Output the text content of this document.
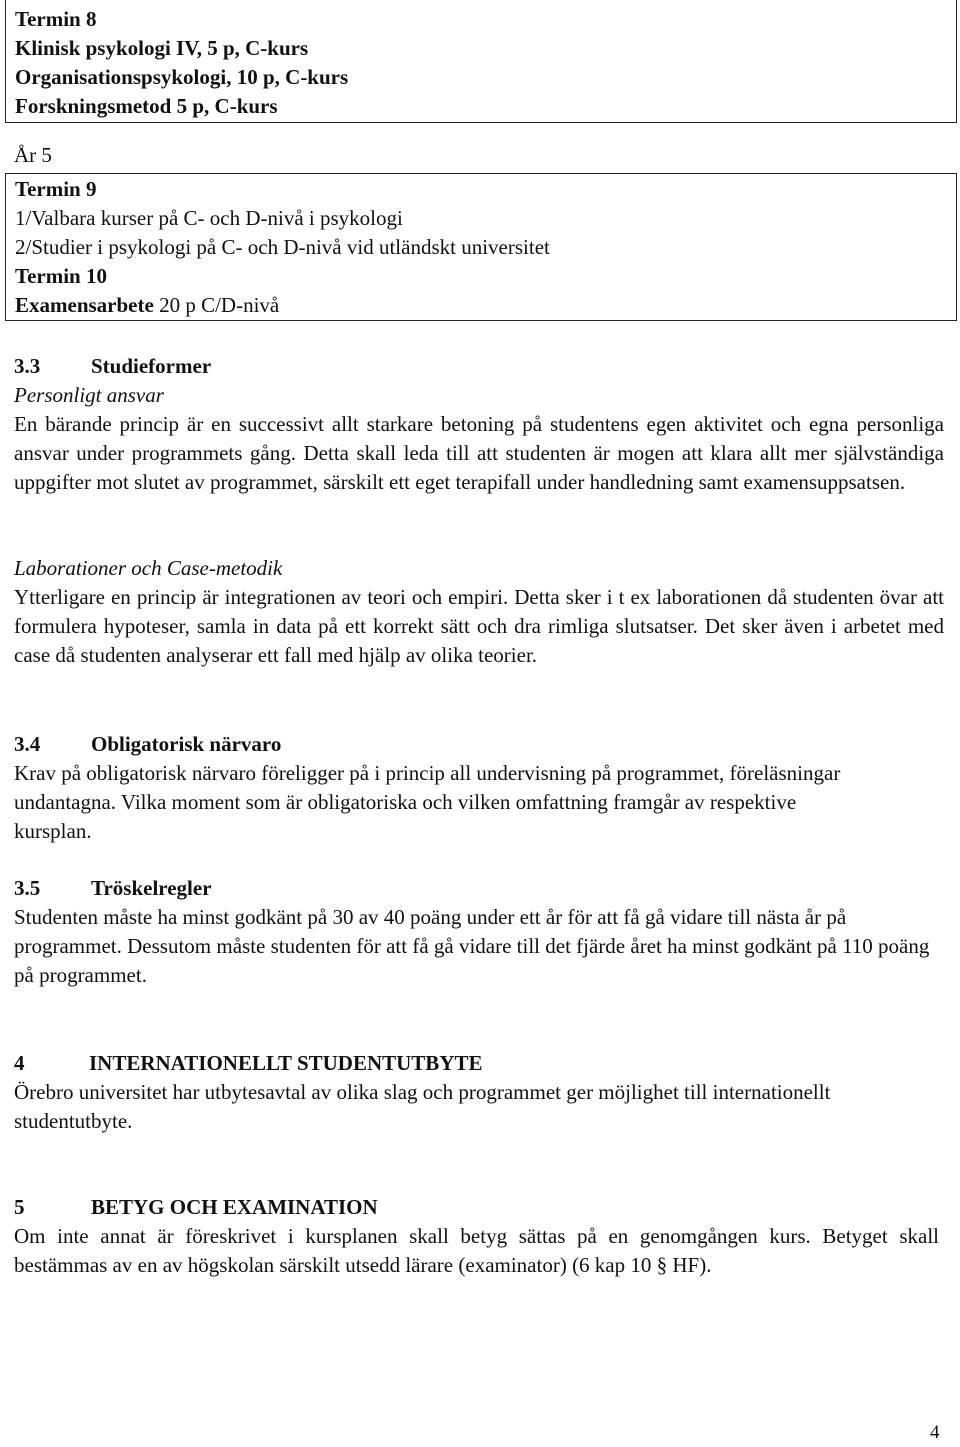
Termin 8
Klinisk psykologi IV, 5 p, C-kurs
Organisationspsykologi, 10 p, C-kurs
Forskningsmetod 5 p, C-kurs
År 5
Termin 9
1/Valbara kurser på C- och D-nivå i psykologi
2/Studier i psykologi på C- och D-nivå vid utländskt universitet
Termin 10
Examensarbete 20 p C/D-nivå
3.3 Studieformer
Personligt ansvar
En bärande princip är en successivt allt starkare betoning på studentens egen aktivitet och egna personliga ansvar under programmets gång. Detta skall leda till att studenten är mogen att klara allt mer självständiga uppgifter mot slutet av programmet, särskilt ett eget terapifall under handledning samt examensuppsatsen.
Laborationer och Case-metodik
Ytterligare en princip är integrationen av teori och empiri. Detta sker i t ex laborationen då studenten övar att formulera hypoteser, samla in data på ett korrekt sätt och dra rimliga slutsatser. Det sker även i arbetet med case då studenten analyserar ett fall med hjälp av olika teorier.
3.4 Obligatorisk närvaro
Krav på obligatorisk närvaro föreligger på i princip all undervisning på programmet, föreläsningar undantagna. Vilka moment som är obligatoriska och vilken omfattning framgår av respektive kursplan.
3.5 Tröskelregler
Studenten måste ha minst godkänt på 30 av 40 poäng under ett år för att få gå vidare till nästa år på programmet. Dessutom måste studenten för att få gå vidare till det fjärde året ha minst godkänt på 110 poäng på programmet.
4	INTERNATIONELLT STUDENTUTBYTE
Örebro universitet har utbytesavtal av olika slag och programmet ger möjlighet till internationellt studentutbyte.
5	BETYG OCH EXAMINATION
Om inte annat är föreskrivet i kursplanen skall betyg sättas på en genomgången kurs. Betyget skall bestämmas av en av högskolan särskilt utsedd lärare (examinator) (6 kap 10 § HF).
4
